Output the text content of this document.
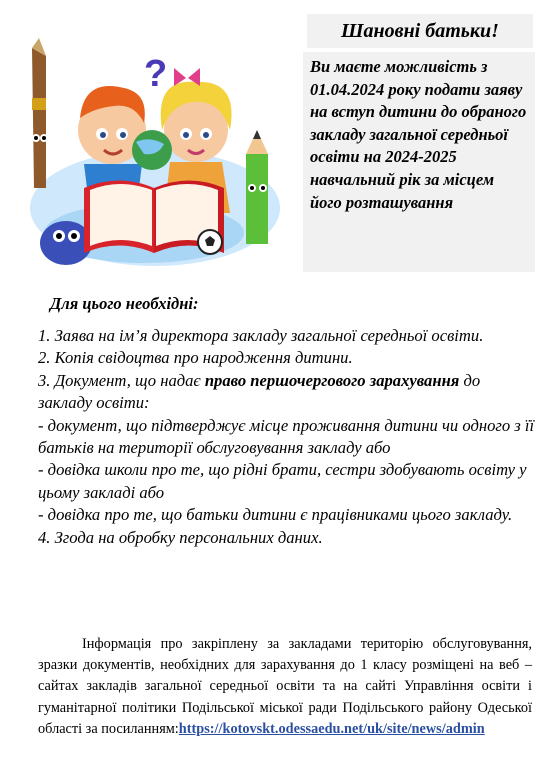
?
Шановні батьки!
Ви маєте можливість з 01.04.2024 року подати заяву на вступ дитини до обраного закладу загальної середньої освіти на 2024-2025 навчальний рік за місцем його розташування
Для цього необхідні:
1. Заява на ім’я директора закладу загальної середньої освіти.
2. Копія свідоцтва про народження дитини.
3. Документ, що надає право першочергового зарахування до закладу освіти:
- документ, що підтверджує місце проживання дитини чи одного з її батьків на території обслуговування закладу або
- довідка школи про те, що рідні брати, сестри здобувають освіту у цьому закладі або
- довідка про те, що батьки дитини є працівниками цього закладу.
4. Згода на обробку персональних даних.
Інформація про закріплену за закладами територію обслуговування, зразки документів, необхідних для зарахування до 1 класу розміщені на веб – сайтах закладів загальної середньої освіти та на сайті Управління освіти і гуманітарної політики Подільської міської ради Подільського району Одеської області за посиланням:https://kotovskt.odessaedu.net/uk/site/news/admin
